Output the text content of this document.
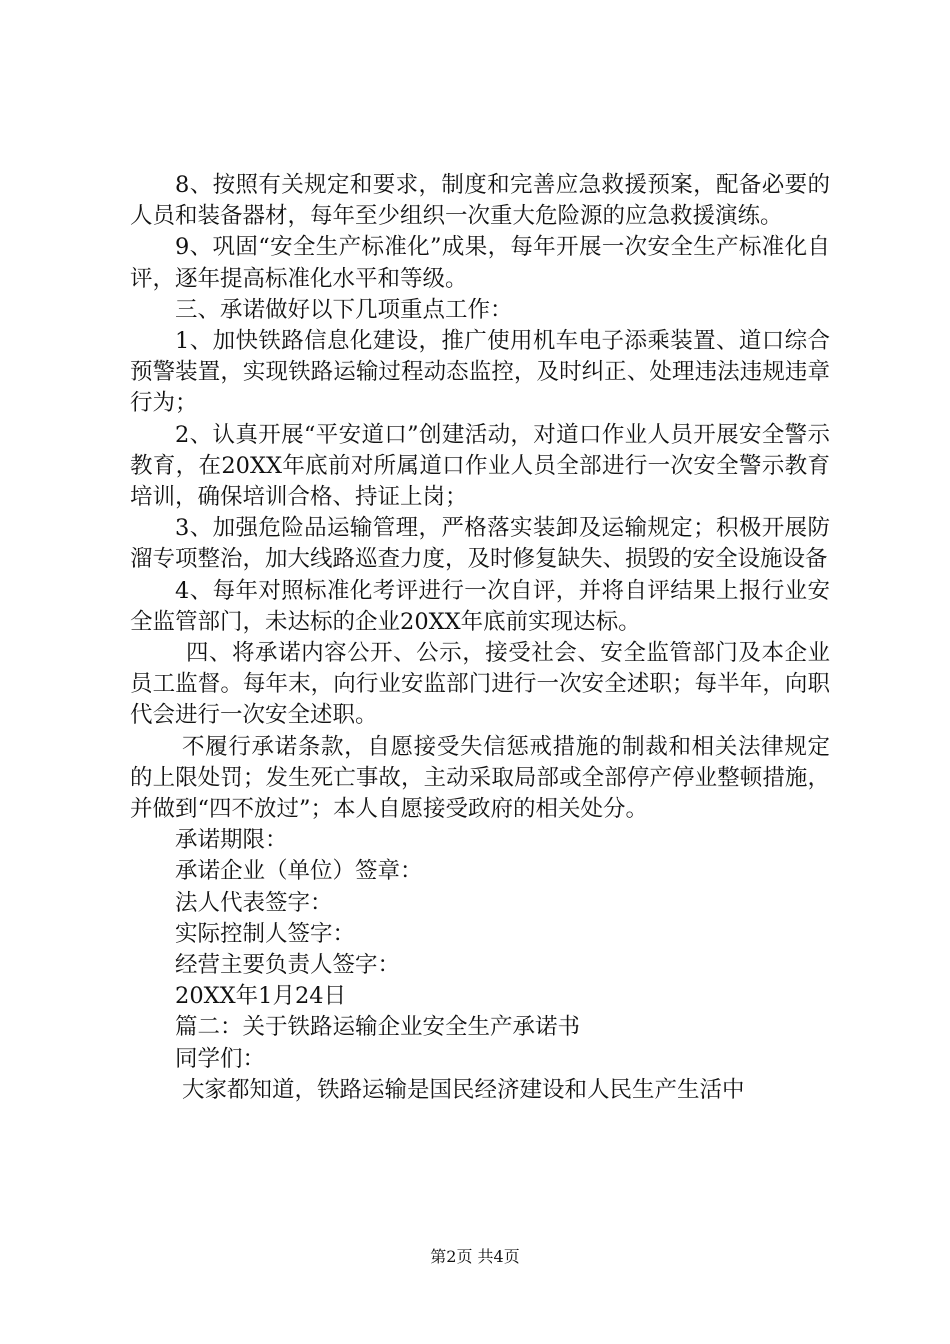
8、按照有关规定和要求，制度和完善应急救援预案，配备必要的人员和装备器材，每年至少组织一次重大危险源的应急救援演练。

9、巩固“安全生产标准化”成果，每年开展一次安全生产标准化自评，逐年提高标准化水平和等级。

三、承诺做好以下几项重点工作：

1、加快铁路信息化建设，推广使用机车电子添乘装置、道口综合预警装置，实现铁路运输过程动态监控，及时纠正、处理违法违规违章行为；

2、认真开展“平安道口”创建活动，对道口作业人员开展安全警示教育，在20XX年底前对所属道口作业人员全部进行一次安全警示教育培训，确保培训合格、持证上岗；

3、加强危险品运输管理，严格落实装卸及运输规定；积极开展防溜专项整治，加大线路巡查力度，及时修复缺失、损毁的安全设施设备

4、每年对照标准化考评进行一次自评，并将自评结果上报行业安全监管部门，未达标的企业20XX年底前实现达标。

四、将承诺内容公开、公示，接受社会、安全监管部门及本企业员工监督。每年末，向行业安监部门进行一次安全述职；每半年，向职代会进行一次安全述职。

不履行承诺条款，自愿接受失信惩戒措施的制裁和相关法律规定的上限处罚；发生死亡事故，主动采取局部或全部停产停业整顿措施，并做到“四不放过”；本人自愿接受政府的相关处分。

承诺期限：

承诺企业（单位）签章：

法人代表签字：

实际控制人签字：

经营主要负责人签字：

20XX年1月24日

篇二：关于铁路运输企业安全生产承诺书

同学们：

大家都知道，铁路运输是国民经济建设和人民生产生活中

第2页 共4页
